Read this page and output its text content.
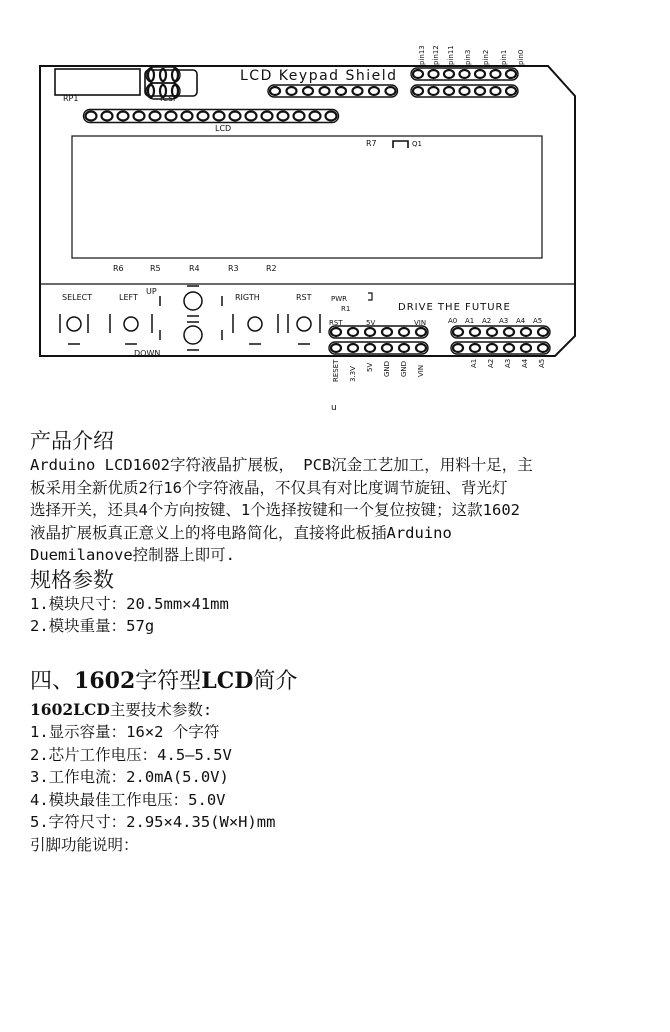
RP1	ICSP
LCD Keypad Shield
LCD
R7	Q1
R6	R5	R4	R3	R2
SELECT	LEFT
UP
DOWN
RIGTH	RST	PWR
R1	DRIVE THE FUTURE
RST	5V	VIN	A0 A1 A2 A3 A4 A5
pin13 pin12 pin11 pin3 pin2 pin1 pin0
RESET 3.3V 5V GND GND VIN
A1 A2 A3 A4 A5
u
产品介绍

Arduino LCD1602字符液晶扩展板， PCB沉金工艺加工，用料十足，主

板采用全新优质2行16个字符液晶，不仅具有对比度调节旋钮、背光灯

选择开关，还具4个方向按键、1个选择按键和一个复位按键；这款1602

液晶扩展板真正意义上的将电路简化，直接将此板插Arduino

Duemilanove控制器上即可.

规格参数

1.模块尺寸：20.5mm×41mm

2.模块重量：57g

四、1602字符型LCD简介

1602LCD主要技术参数:

1.显示容量：16×2 个字符

2.芯片工作电压：4.5—5.5V

3.工作电流：2.0mA(5.0V)

4.模块最佳工作电压：5.0V

5.字符尺寸：2.95×4.35(W×H)mm

引脚功能说明：
